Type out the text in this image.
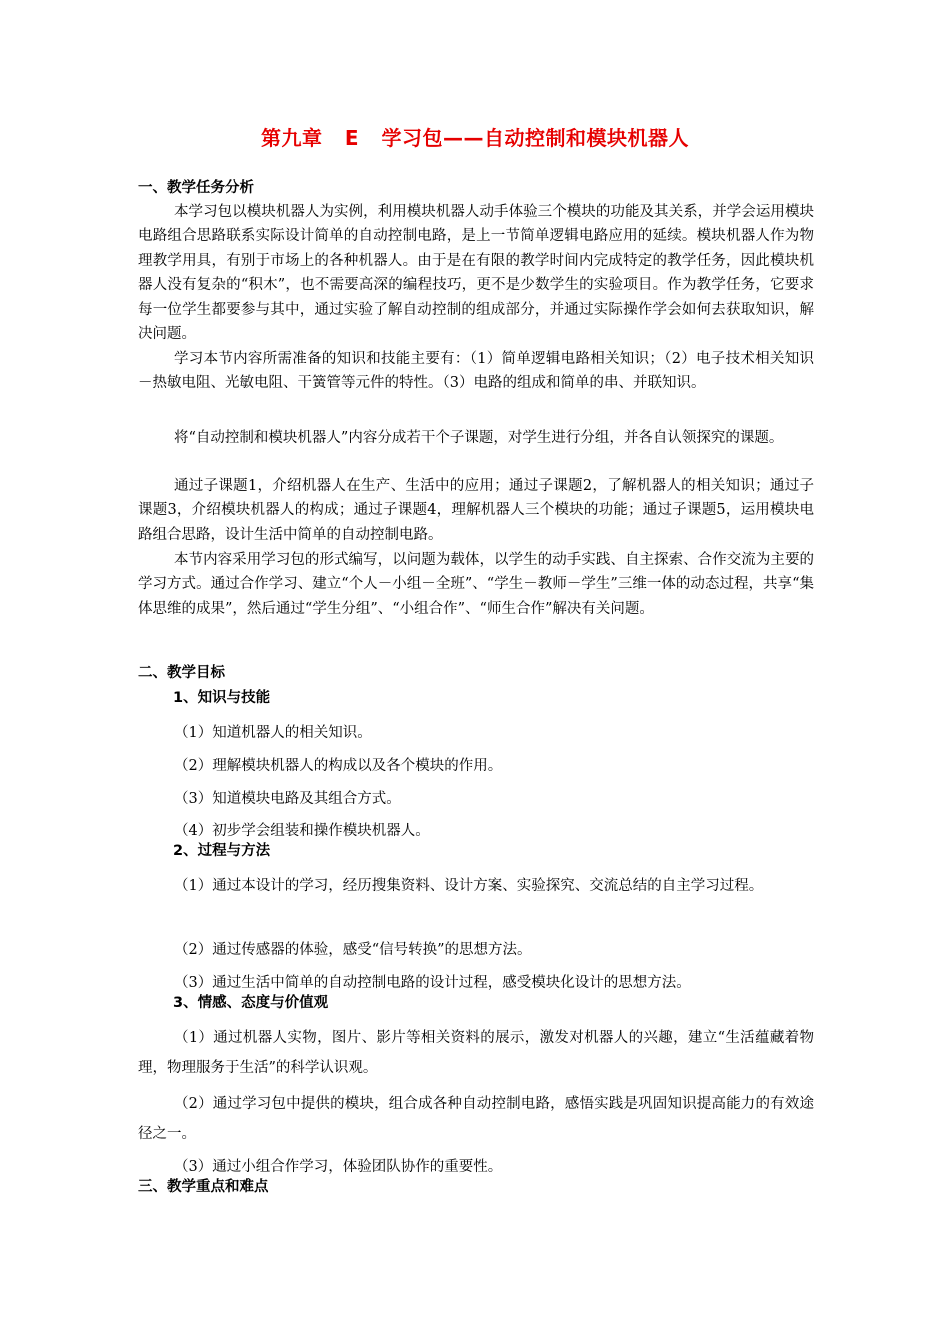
第九章   E   学习包——自动控制和模块机器人
一、教学任务分析

本学习包以模块机器人为实例，利用模块机器人动手体验三个模块的功能及其关系，并学会运用模块电路组合思路联系实际设计简单的自动控制电路，是上一节简单逻辑电路应用的延续。模块机器人作为物理教学用具，有别于市场上的各种机器人。由于是在有限的教学时间内完成特定的教学任务，因此模块机器人没有复杂的“积木”，也不需要高深的编程技巧，更不是少数学生的实验项目。作为教学任务，它要求每一位学生都要参与其中，通过实验了解自动控制的组成部分，并通过实际操作学会如何去获取知识，解决问题。

学习本节内容所需准备的知识和技能主要有：（1）简单逻辑电路相关知识；（2）电子技术相关知识－热敏电阻、光敏电阻、干簧管等元件的特性。（3）电路的组成和简单的串、并联知识。

将“自动控制和模块机器人”内容分成若干个子课题，对学生进行分组，并各自认领探究的课题。

通过子课题1，介绍机器人在生产、生活中的应用；通过子课题2，了解机器人的相关知识；通过子课题3，介绍模块机器人的构成；通过子课题4，理解机器人三个模块的功能；通过子课题5，运用模块电路组合思路，设计生活中简单的自动控制电路。

本节内容采用学习包的形式编写，以问题为载体，以学生的动手实践、自主探索、合作交流为主要的学习方式。通过合作学习、建立“个人－小组－全班”、“学生－教师－学生”三维一体的动态过程，共享“集体思维的成果”，然后通过“学生分组”、“小组合作”、“师生合作”解决有关问题。

二、教学目标
1、知识与技能

（1）知道机器人的相关知识。

（2）理解模块机器人的构成以及各个模块的作用。

（3）知道模块电路及其组合方式。

（4）初步学会组装和操作模块机器人。

2、过程与方法

（1）通过本设计的学习，经历搜集资料、设计方案、实验探究、交流总结的自主学习过程。

（2）通过传感器的体验，感受“信号转换”的思想方法。

（3）通过生活中简单的自动控制电路的设计过程，感受模块化设计的思想方法。

3、情感、态度与价值观

（1）通过机器人实物，图片、影片等相关资料的展示，激发对机器人的兴趣，建立“生活蕴藏着物理，物理服务于生活”的科学认识观。

（2）通过学习包中提供的模块，组合成各种自动控制电路，感悟实践是巩固知识提高能力的有效途径之一。

（3）通过小组合作学习，体验团队协作的重要性。

三、教学重点和难点
